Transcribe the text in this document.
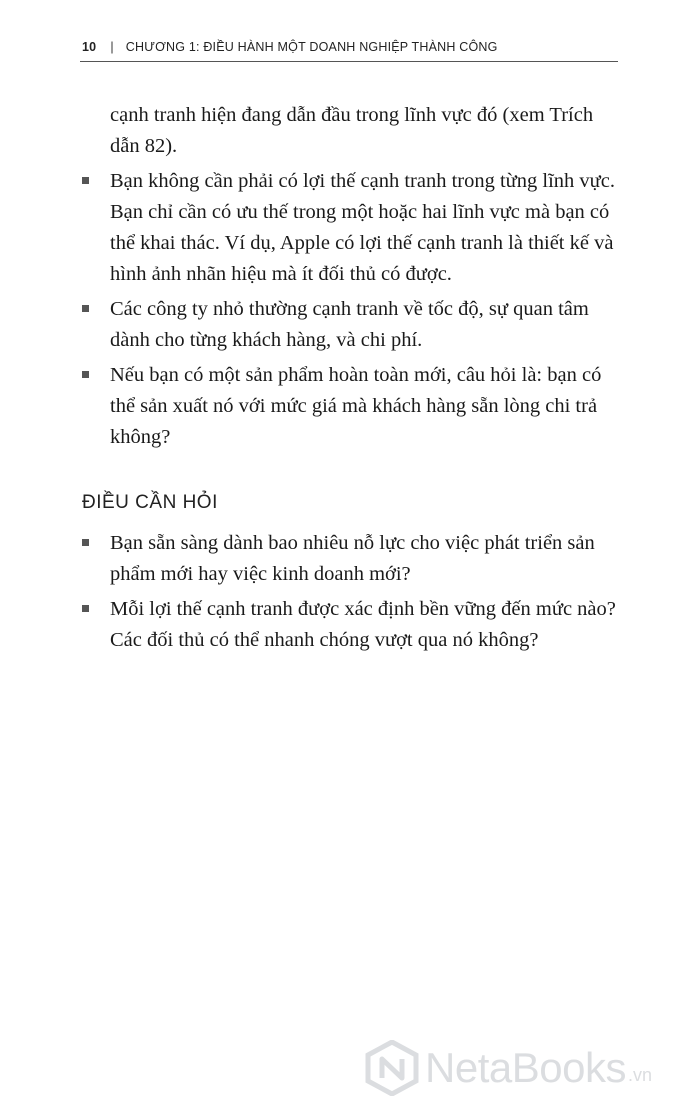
10 | CHƯƠNG 1: ĐIỀU HÀNH MỘT DOANH NGHIỆP THÀNH CÔNG

cạnh tranh hiện đang dẫn đầu trong lĩnh vực đó (xem Trích dẫn 82).

Bạn không cần phải có lợi thế cạnh tranh trong từng lĩnh vực. Bạn chỉ cần có ưu thế trong một hoặc hai lĩnh vực mà bạn có thể khai thác. Ví dụ, Apple có lợi thế cạnh tranh là thiết kế và hình ảnh nhãn hiệu mà ít đối thủ có được.
Các công ty nhỏ thường cạnh tranh về tốc độ, sự quan tâm dành cho từng khách hàng, và chi phí.
Nếu bạn có một sản phẩm hoàn toàn mới, câu hỏi là: bạn có thể sản xuất nó với mức giá mà khách hàng sẵn lòng chi trả không?
ĐIỀU CẦN HỎI
Bạn sẵn sàng dành bao nhiêu nỗ lực cho việc phát triển sản phẩm mới hay việc kinh doanh mới?
Mỗi lợi thế cạnh tranh được xác định bền vững đến mức nào? Các đối thủ có thể nhanh chóng vượt qua nó không?
NetaBooks .vn
